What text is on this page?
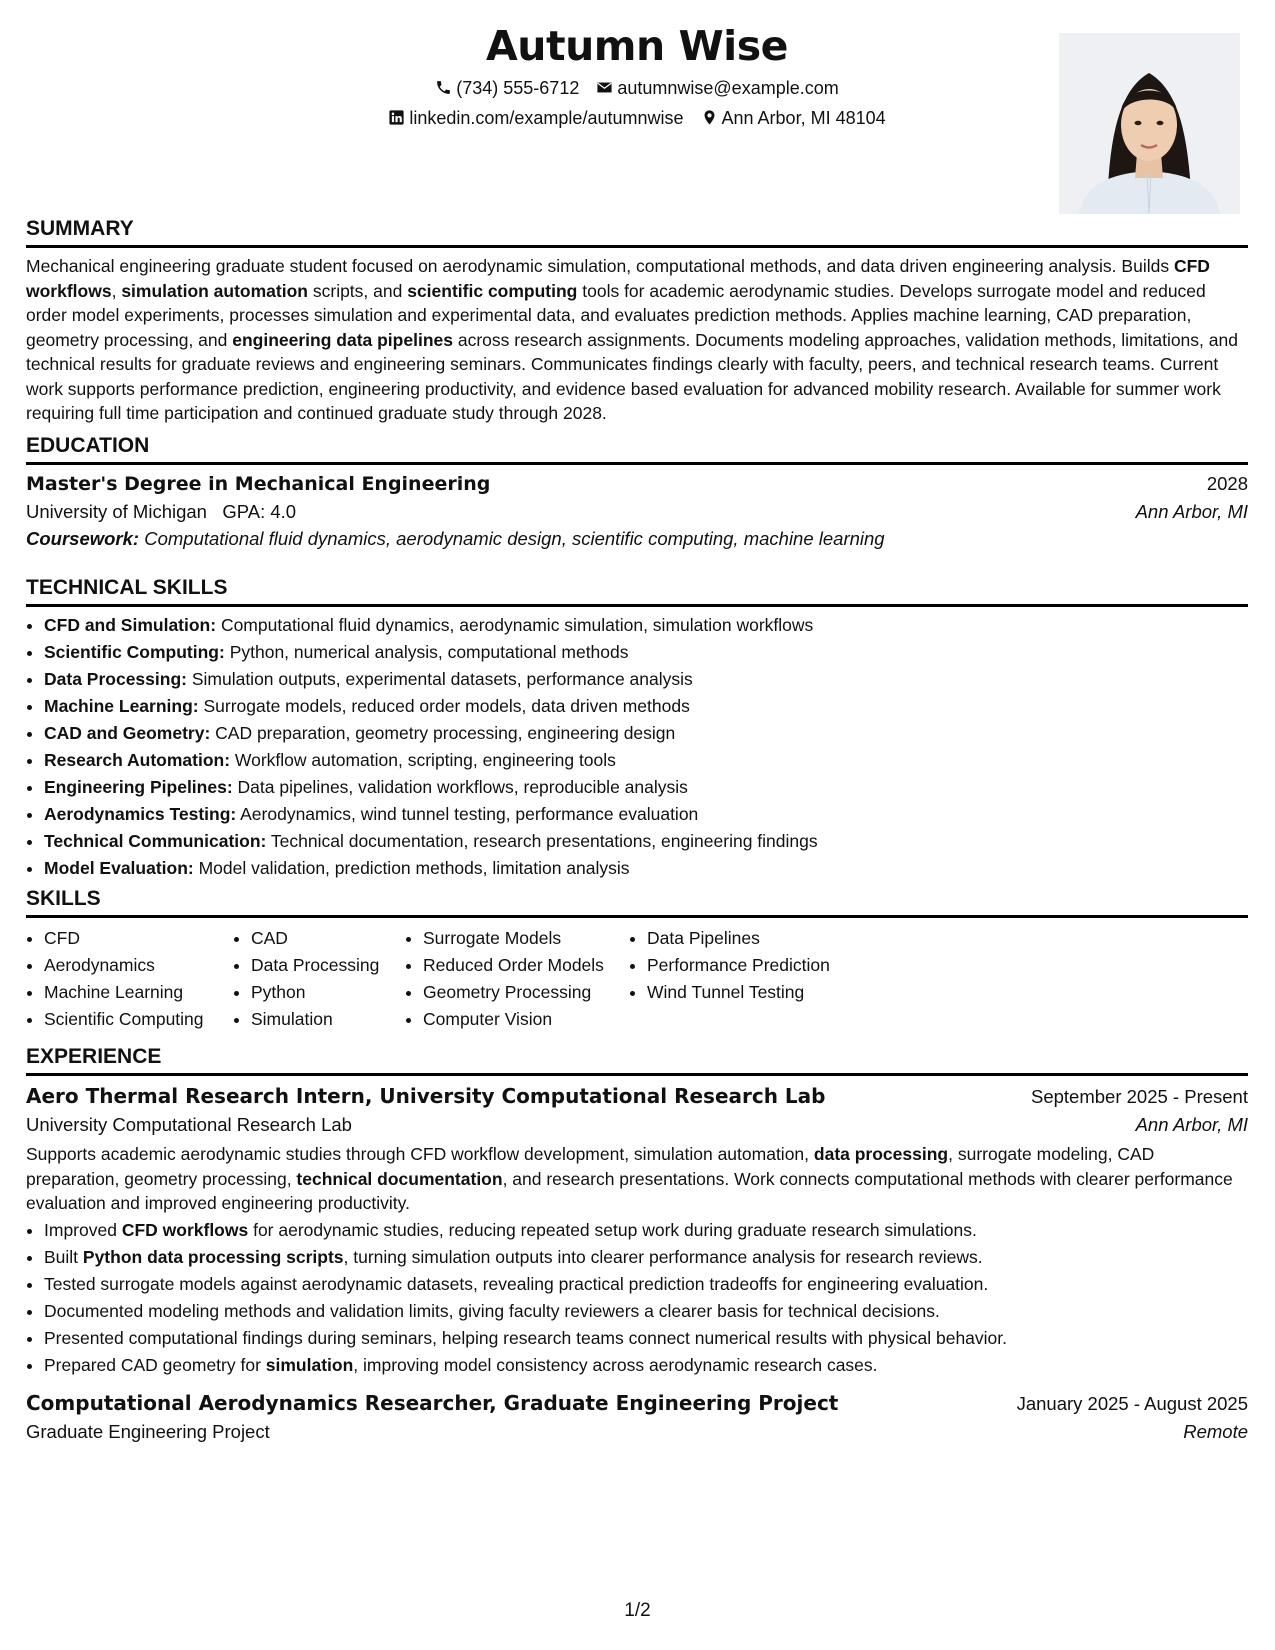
Autumn Wise
(734) 555-6712 autumnwise@example.com
linkedin.com/example/autumnwise Ann Arbor, MI 48104
SUMMARY

Mechanical engineering graduate student focused on aerodynamic simulation, computational methods, and data driven engineering analysis. Builds CFD workflows, simulation automation scripts, and scientific computing tools for academic aerodynamic studies. Develops surrogate model and reduced order model experiments, processes simulation and experimental data, and evaluates prediction methods. Applies machine learning, CAD preparation, geometry processing, and engineering data pipelines across research assignments. Documents modeling approaches, validation methods, limitations, and technical results for graduate reviews and engineering seminars. Communicates findings clearly with faculty, peers, and technical research teams. Current work supports performance prediction, engineering productivity, and evidence based evaluation for advanced mobility research. Available for summer work requiring full time participation and continued graduate study through 2028.

EDUCATION
Master's Degree in Mechanical Engineering	2028
University of Michigan GPA: 4.0	Ann Arbor, MI
Coursework: Computational fluid dynamics, aerodynamic design, scientific computing, machine learning
TECHNICAL SKILLS
• CFD and Simulation: Computational fluid dynamics, aerodynamic simulation, simulation workflows
• Scientific Computing: Python, numerical analysis, computational methods
• Data Processing: Simulation outputs, experimental datasets, performance analysis
• Machine Learning: Surrogate models, reduced order models, data driven methods
• CAD and Geometry: CAD preparation, geometry processing, engineering design
• Research Automation: Workflow automation, scripting, engineering tools
• Engineering Pipelines: Data pipelines, validation workflows, reproducible analysis
• Aerodynamics Testing: Aerodynamics, wind tunnel testing, performance evaluation
• Technical Communication: Technical documentation, research presentations, engineering findings
• Model Evaluation: Model validation, prediction methods, limitation analysis
SKILLS
• CFD
• Aerodynamics
• Machine Learning
• Scientific Computing
• CAD
• Data Processing
• Python
• Simulation
• Surrogate Models
• Reduced Order Models
• Geometry Processing
• Computer Vision
• Data Pipelines
• Performance Prediction
• Wind Tunnel Testing
EXPERIENCE
Aero Thermal Research Intern, University Computational Research Lab	September 2025 - Present
University Computational Research Lab	Ann Arbor, MI

Supports academic aerodynamic studies through CFD workflow development, simulation automation, data processing, surrogate modeling, CAD preparation, geometry processing, technical documentation, and research presentations. Work connects computational methods with clearer performance evaluation and improved engineering productivity.

• Improved CFD workflows for aerodynamic studies, reducing repeated setup work during graduate research simulations.
• Built Python data processing scripts, turning simulation outputs into clearer performance analysis for research reviews.
• Tested surrogate models against aerodynamic datasets, revealing practical prediction tradeoffs for engineering evaluation.
• Documented modeling methods and validation limits, giving faculty reviewers a clearer basis for technical decisions.
• Presented computational findings during seminars, helping research teams connect numerical results with physical behavior.
• Prepared CAD geometry for simulation, improving model consistency across aerodynamic research cases.
Computational Aerodynamics Researcher, Graduate Engineering Project	January 2025 - August 2025
Graduate Engineering Project	Remote
1/2
